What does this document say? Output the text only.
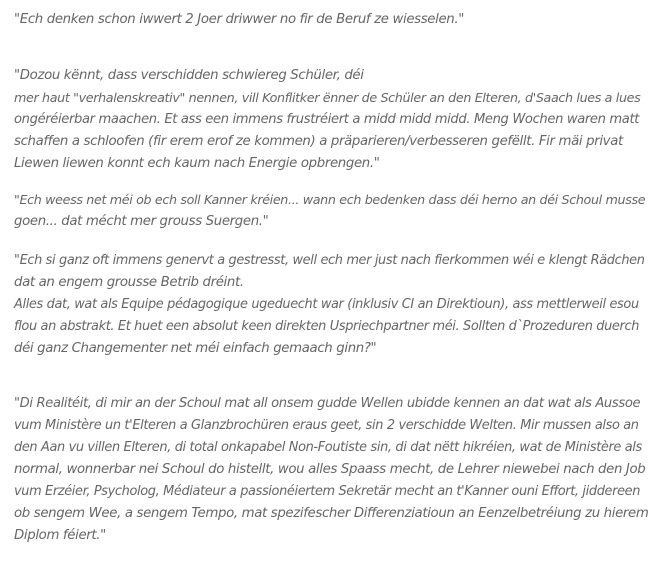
"Ech denken schon iwwert 2 Joer driwwer no fir de Beruf ze wiesselen."

"Dozou kënnt, dass verschidden schwiereg Schüler, déi
mer haut "verhalenskreativ" nennen, vill Konflitker ënner de Schüler an den Elteren, d'Saach lues a lues
ongéréierbar maachen. Et ass een immens frustréiert a midd midd midd. Meng Wochen waren matt
schaffen a schloofen (fir erem erof ze kommen) a präparieren/verbesseren gefëllt. Fir mäi privat
Liewen liewen konnt ech kaum nach Energie opbrengen."

"Ech weess net méi ob ech soll Kanner kréien... wann ech bedenken dass déi herno an déi Schoul musse
goen... dat mécht mer grouss Suergen."

"Ech si ganz oft immens genervt a gestresst, well ech mer just nach fierkommen wéi e klengt Rädchen
dat an engem grousse Betrib dréint.
Alles dat, wat als Equipe pédagogique ugeduecht war (inklusiv CI an Direktioun), ass mettlerweil esou
flou an abstrakt. Et huet een absolut keen direkten Uspriechpartner méi. Sollten d`Prozeduren duerch
déi ganz Changementer net méi einfach gemaach ginn?"

"Di Realitéit, di mir an der Schoul mat all onsem gudde Wellen ubidde kennen an dat wat als Aussoe
vum Ministère un t'Elteren a Glanzbrochüren eraus geet, sin 2 verschidde Welten. Mir mussen also an
den Aan vu villen Elteren, di total onkapabel Non-Foutiste sin, di dat nëtt hikréien, wat de Ministère als
normal, wonnerbar nei Schoul do histellt, wou alles Spaass mecht, de Lehrer niewebei nach den Job
vum Erzéier, Psycholog, Médiateur a passionéiertem Sekretär mecht an t'Kanner ouni Effort, jiddereen
ob sengem Wee, a sengem Tempo, mat spezifescher Differenziatioun an Eenzelbetréiung zu hierem
Diplom féiert."
